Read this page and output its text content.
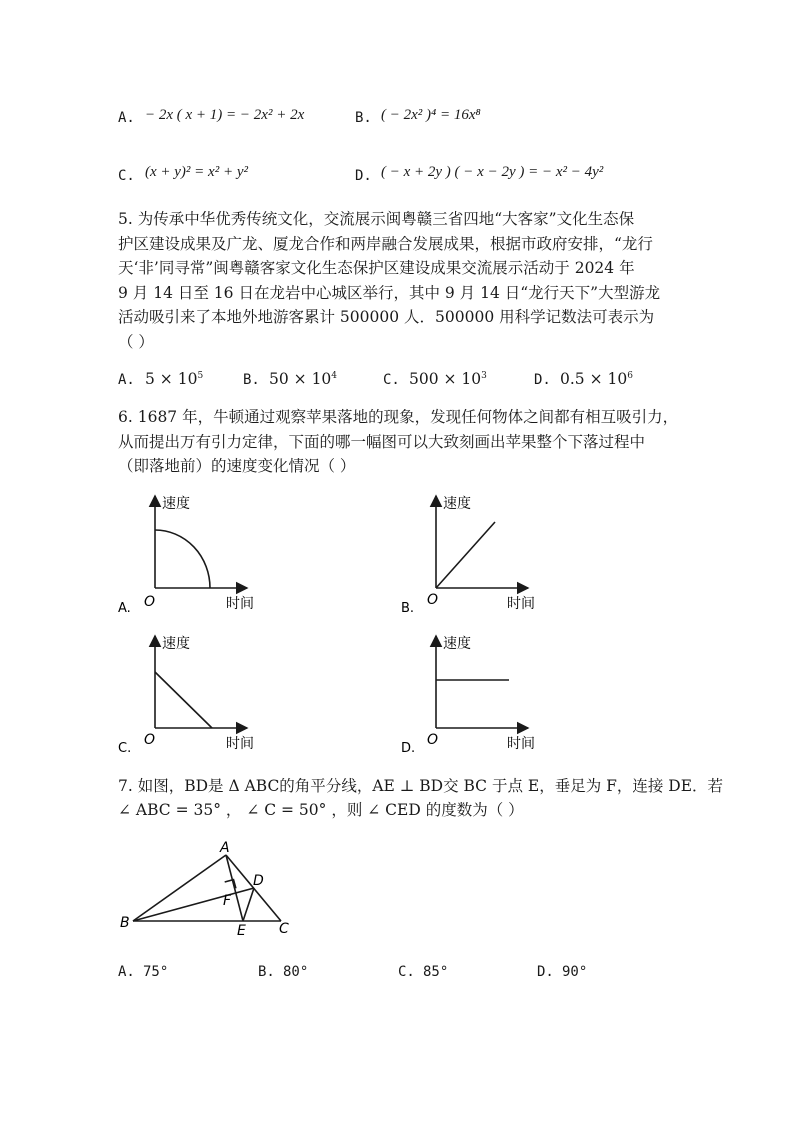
A. − 2x ( x + 1) = − 2x² + 2x	B. ( − 2x² )⁴ = 16x⁸
C. (x + y)² = x² + y²	D. ( − x + 2y ) ( − x − 2y ) = − x² − 4y²
5. 为传承中华优秀传统文化，交流展示闽粤赣三省四地“大客家”文化生态保
护区建设成果及广龙、厦龙合作和两岸融合发展成果，根据市政府安排，“龙行
天‘非’同寻常”闽粤赣客家文化生态保护区建设成果交流展示活动于 2024 年
9 月 14 日至 16 日在龙岩中心城区举行，其中 9 月 14 日“龙行天下”大型游龙
活动吸引来了本地外地游客累计 500000 人．500000 用科学记数法可表示为
（ ）
A. $5 \times 10^5$	B. $50 \times 10^4$	C. $500 \times 10^3$	D. $0.5 \times 10^6$
6. 1687 年，牛顿通过观察苹果落地的现象，发现任何物体之间都有相互吸引力，
从而提出万有引力定律，下面的哪一幅图可以大致刻画出苹果整个下落过程中
（即落地前）的速度变化情况（ ）
速度
时间
O
A.
速度
时间
O
B.
速度
时间
O
C.
速度
时间
O
D.
7. 如图，BD是 Δ ABC的角平分线，AE ⊥ BD交 BC 于点 E，垂足为 F，连接 DE．若
∠ ABC = 35° ， ∠ C = 50° ，则 ∠ CED 的度数为（ ）
A
B	C
D
E
F
A. 75°	B. 80°	C. 85°	D. 90°
